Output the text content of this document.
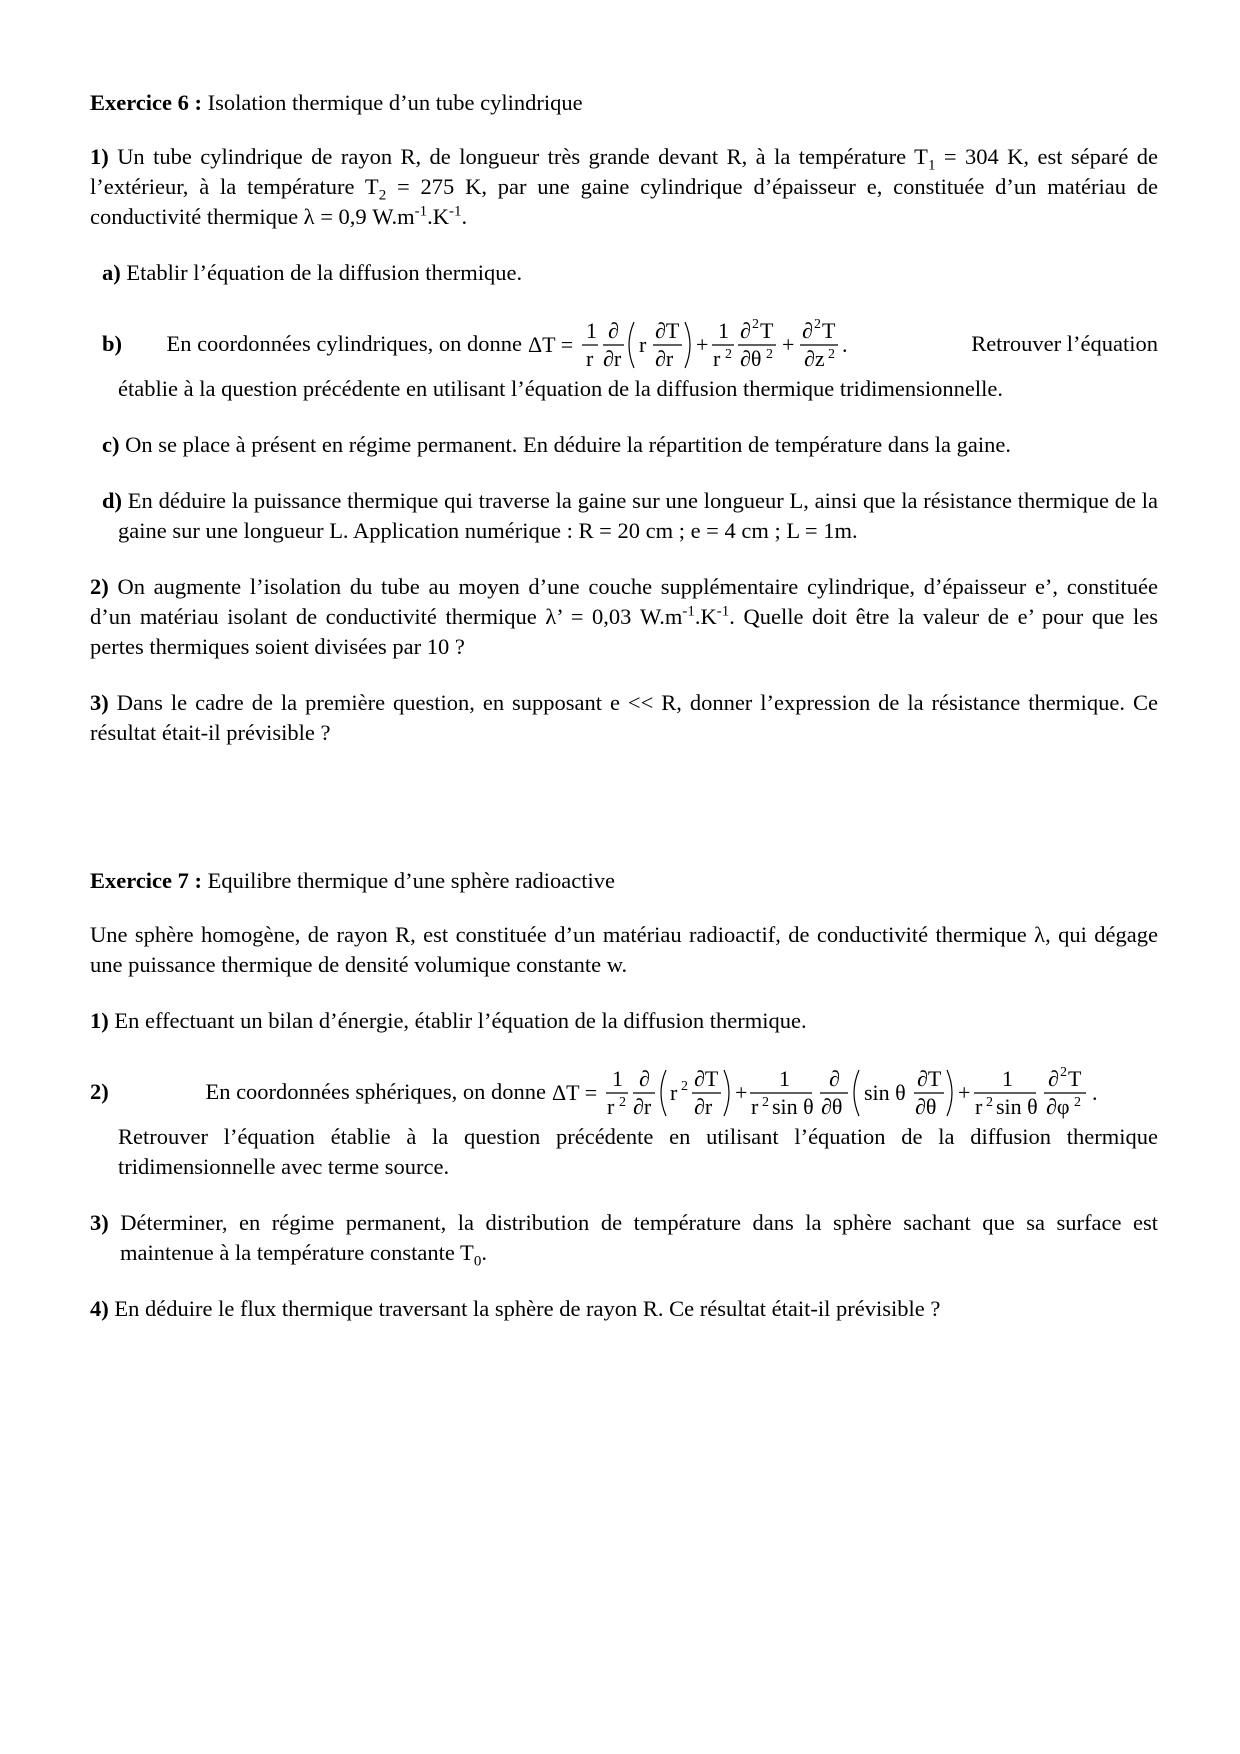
Exercice 6 : Isolation thermique d’un tube cylindrique

1) Un tube cylindrique de rayon R, de longueur très grande devant R, à la température $T_1 = 304$ K, est séparé de l’extérieur, à la température $T_2 = 275$ K, par une gaine cylindrique d’épaisseur e, constituée d’un matériau de conductivité thermique λ = 0,9 $W.m^{-1}.K^{-1}$.

a) Etablir l’équation de la diffusion thermique.

b) En coordonnées cylindriques, on donne ΔT =
1
r
∂
∂r
r
∂T
∂r
+
1
r 2
∂ 2 T
∂θ 2 +
∂ 2 T
∂z 2 .	Retrouver l’équation

établie à la question précédente en utilisant l’équation de la diffusion thermique tridimensionnelle.

c) On se place à présent en régime permanent. En déduire la répartition de température dans la gaine.

d) En déduire la puissance thermique qui traverse la gaine sur une longueur L, ainsi que la résistance thermique de la gaine sur une longueur L. Application numérique : R = 20 cm ; e = 4 cm ; L = 1m.

2) On augmente l’isolation du tube au moyen d’une couche supplémentaire cylindrique, d’épaisseur e’, constituée d’un matériau isolant de conductivité thermique λ’ = 0,03 $W.m^{-1}.K^{-1}$. Quelle doit être la valeur de e’ pour que les pertes thermiques soient divisées par 10 ?

3) Dans le cadre de la première question, en supposant e << R, donner l’expression de la résistance thermique. Ce résultat était-il prévisible ?

Exercice 7 : Equilibre thermique d’une sphère radioactive

Une sphère homogène, de rayon R, est constituée d’un matériau radioactif, de conductivité thermique λ, qui dégage une puissance thermique de densité volumique constante w.

1) En effectuant un bilan d’énergie, établir l’équation de la diffusion thermique.

2)	En coordonnées sphériques, on donne ΔT =
1
r 2
∂
∂r
r 2 ∂T
∂r
+
1
r 2 sin θ
∂
∂θ
sin θ
∂T
∂θ
+
1
r 2 sin θ
∂ 2 T
∂φ 2 .

Retrouver l’équation établie à la question précédente en utilisant l’équation de la diffusion thermique tridimensionnelle avec terme source.

3) Déterminer, en régime permanent, la distribution de température dans la sphère sachant que sa surface est maintenue à la température constante $T_0$.

4) En déduire le flux thermique traversant la sphère de rayon R. Ce résultat était-il prévisible ?
